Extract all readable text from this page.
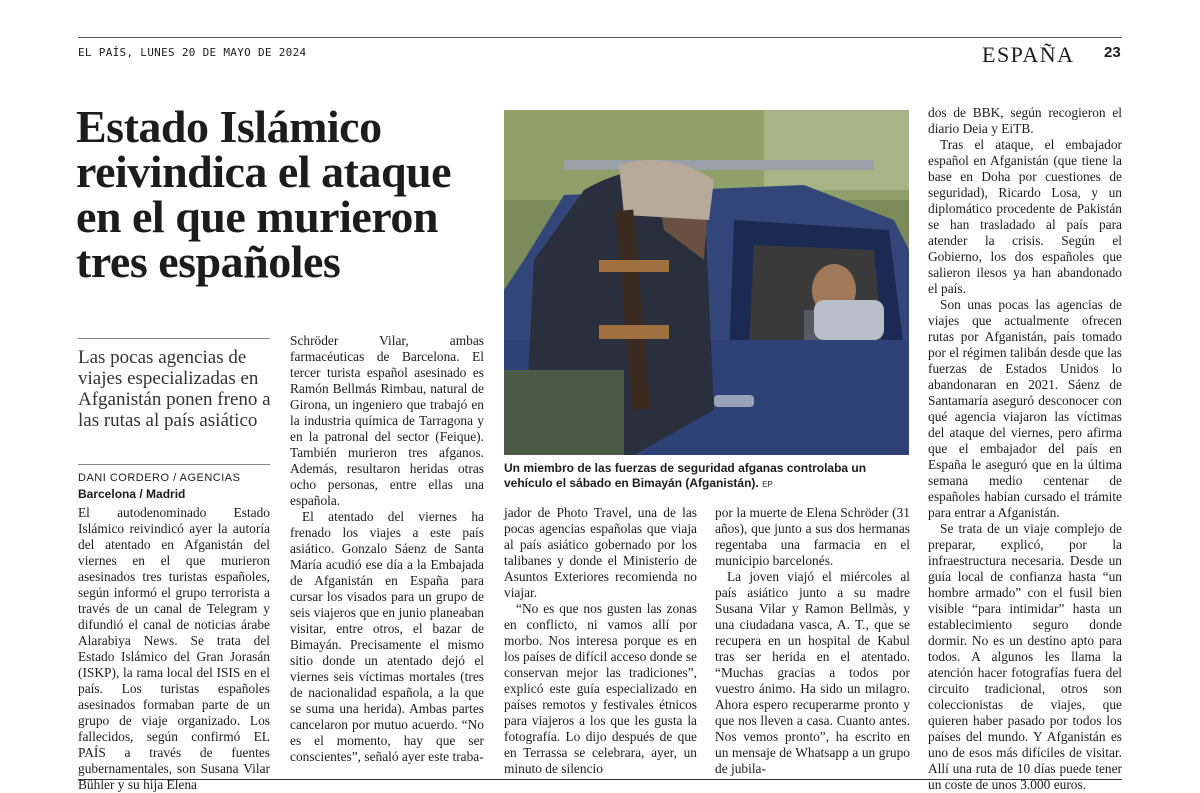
EL PAÍS, LUNES 20 DE MAYO DE 2024	ESPAÑA 23
Estado Islámico reivindica el ataque en el que murieron tres españoles

Las pocas agencias de viajes especializadas en Afganistán ponen freno a las rutas al país asiático

DANI CORDERO / AGENCIAS
Barcelona / Madrid

El autodenominado Estado Islámico reivindicó ayer la autoría del atentado en Afganistán del viernes en el que murieron asesinados tres turistas españoles, según informó el grupo terrorista a través de un canal de Telegram y difundió el canal de noticias árabe Alarabiya News. Se trata del Estado Islámico del Gran Jorasán (ISKP), la rama local del ISIS en el país. Los turistas españoles asesinados formaban parte de un grupo de viaje organizado. Los fallecidos, según confirmó EL PAÍS a través de fuentes gubernamentales, son Susana Vilar Bühler y su hija Elena

Schröder Vilar, ambas farmacéuticas de Barcelona. El tercer turista español asesinado es Ramón Bellmás Rimbau, natural de Girona, un ingeniero que trabajó en la industria química de Tarragona y en la patronal del sector (Feique). También murieron tres afganos. Además, resultaron heridas otras ocho personas, entre ellas una española.

El atentado del viernes ha frenado los viajes a este país asiático. Gonzalo Sáenz de Santa María acudió ese día a la Embajada de Afganistán en España para cursar los visados para un grupo de seis viajeros que en junio planeaban visitar, entre otros, el bazar de Bimayán. Precisamente el mismo sitio donde un atentado dejó el viernes seis víctimas mortales (tres de nacionalidad española, a la que se suma una herida). Ambas partes cancelaron por mutuo acuerdo. “No es el momento, hay que ser conscientes”, señaló ayer este traba-

Un miembro de las fuerzas de seguridad afganas controlaba un vehículo el sábado en Bimayán (Afganistán). EP

jador de Photo Travel, una de las pocas agencias españolas que viaja al país asiático gobernado por los talibanes y donde el Ministerio de Asuntos Exteriores recomienda no viajar.

“No es que nos gusten las zonas en conflicto, ni vamos allí por morbo. Nos interesa porque es en los países de difícil acceso donde se conservan mejor las tradiciones”, explicó este guía especializado en países remotos y festivales étnicos para viajeros a los que les gusta la fotografía. Lo dijo después de que en Terrassa se celebrara, ayer, un minuto de silencio

por la muerte de Elena Schröder (31 años), que junto a sus dos hermanas regentaba una farmacia en el municipio barcelonés.

La joven viajó el miércoles al país asiático junto a su madre Susana Vilar y Ramon Bellmàs, y una ciudadana vasca, A. T., que se recupera en un hospital de Kabul tras ser herida en el atentado. “Muchas gracias a todos por vuestro ánimo. Ha sido un milagro. Ahora espero recuperarme pronto y que nos lleven a casa. Cuanto antes. Nos vemos pronto”, ha escrito en un mensaje de Whatsapp a un grupo de jubila-

dos de BBK, según recogieron el diario Deia y EiTB.

Tras el ataque, el embajador español en Afganistán (que tiene la base en Doha por cuestiones de seguridad), Ricardo Losa, y un diplomático procedente de Pakistán se han trasladado al país para atender la crisis. Según el Gobierno, los dos españoles que salieron ilesos ya han abandonado el país.

Son unas pocas las agencias de viajes que actualmente ofrecen rutas por Afganistán, país tomado por el régimen talibán desde que las fuerzas de Estados Unidos lo abandonaran en 2021. Sáenz de Santamaría aseguró desconocer con qué agencia viajaron las víctimas del ataque del viernes, pero afirma que el embajador del país en España le aseguró que en la última semana medio centenar de españoles habían cursado el trámite para entrar a Afganistán.

Se trata de un viaje complejo de preparar, explicó, por la infraestructura necesaria. Desde un guía local de confianza hasta “un hombre armado” con el fusil bien visible “para intimidar” hasta un establecimiento seguro donde dormir. No es un destino apto para todos. A algunos les llama la atención hacer fotografías fuera del circuito tradicional, otros son coleccionistas de viajes, que quieren haber pasado por todos los países del mundo. Y Afganistán es uno de esos más difíciles de visitar. Allí una ruta de 10 días puede tener un coste de unos 3.000 euros.
